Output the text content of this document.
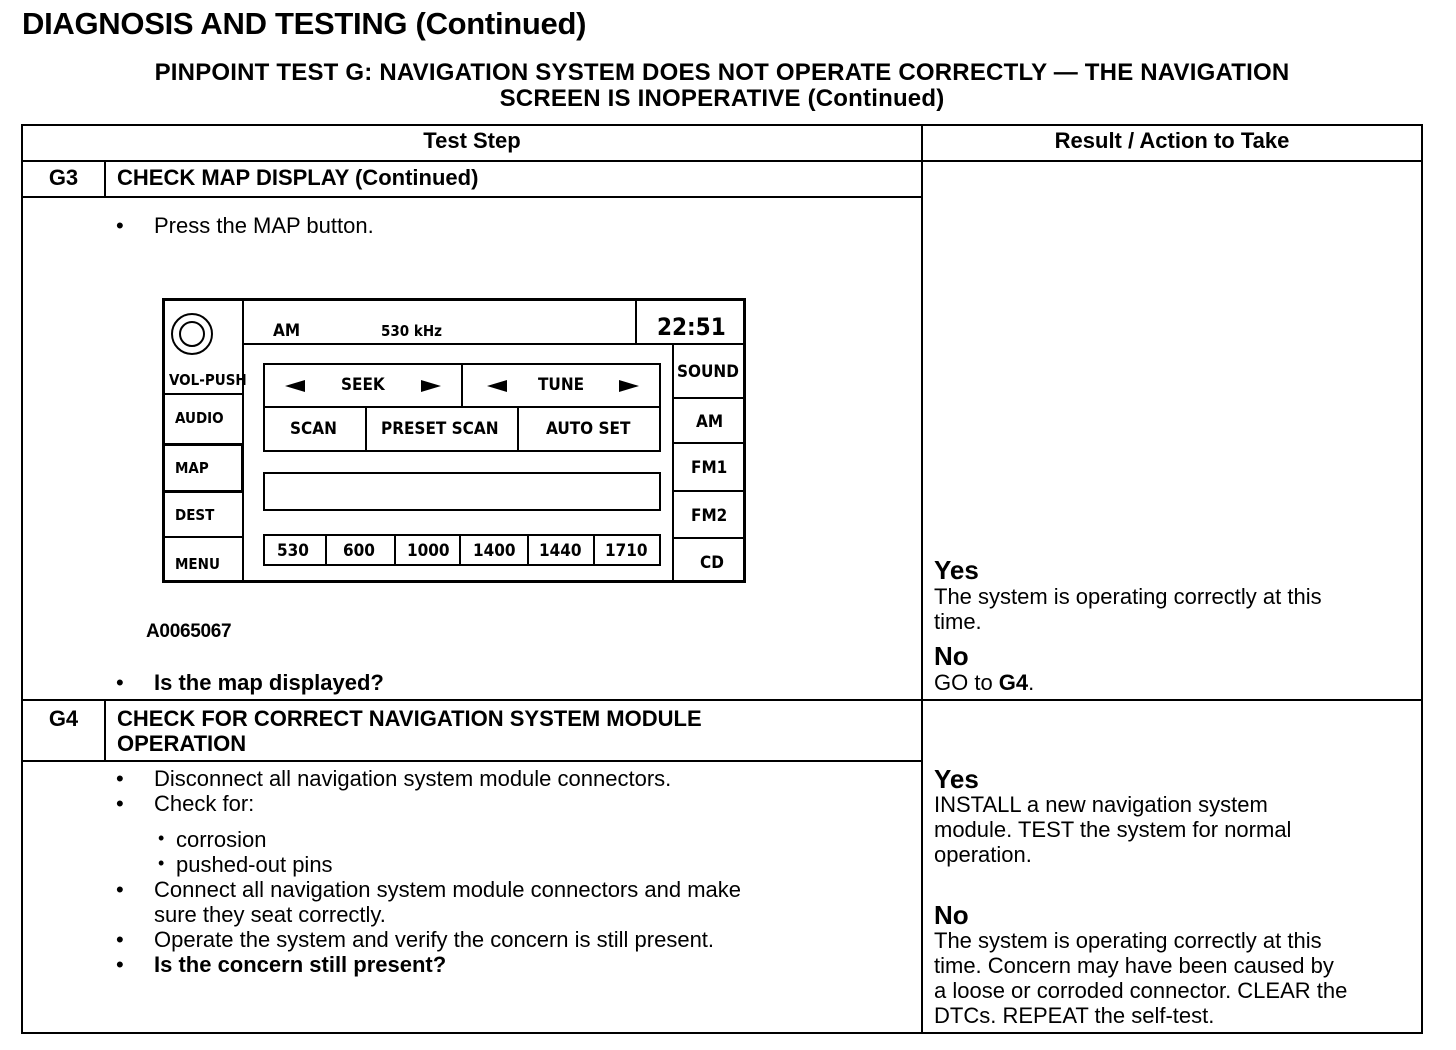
DIAGNOSIS AND TESTING (Continued)
PINPOINT TEST G: NAVIGATION SYSTEM DOES NOT OPERATE CORRECTLY — THE NAVIGATION
SCREEN IS INOPERATIVE (Continued)
Test Step	Result / Action to Take
G3	CHECK MAP DISPLAY (Continued)
• Press the MAP button.
VOL-PUSH
AUDIO
MAP
DEST
MENU
AM	530 kHz	22:51
SOUND
AM
FM1
FM2
CD
SEEK	TUNE
SCAN	PRESET SCAN	AUTO SET
530 600 1000 1400 1440 1710
A0065067
• Is the map displayed?
Yes
The system is operating correctly at this
time.
No
GO to G4.
G4	CHECK FOR CORRECT NAVIGATION SYSTEM MODULE
OPERATION
• Disconnect all navigation system module connectors.
• Check for:
• corrosion
• pushed-out pins
• Connect all navigation system module connectors and make
sure they seat correctly.
• Operate the system and verify the concern is still present.
• Is the concern still present?
Yes
INSTALL a new navigation system
module. TEST the system for normal
operation.
No
The system is operating correctly at this
time. Concern may have been caused by
a loose or corroded connector. CLEAR the
DTCs. REPEAT the self-test.
